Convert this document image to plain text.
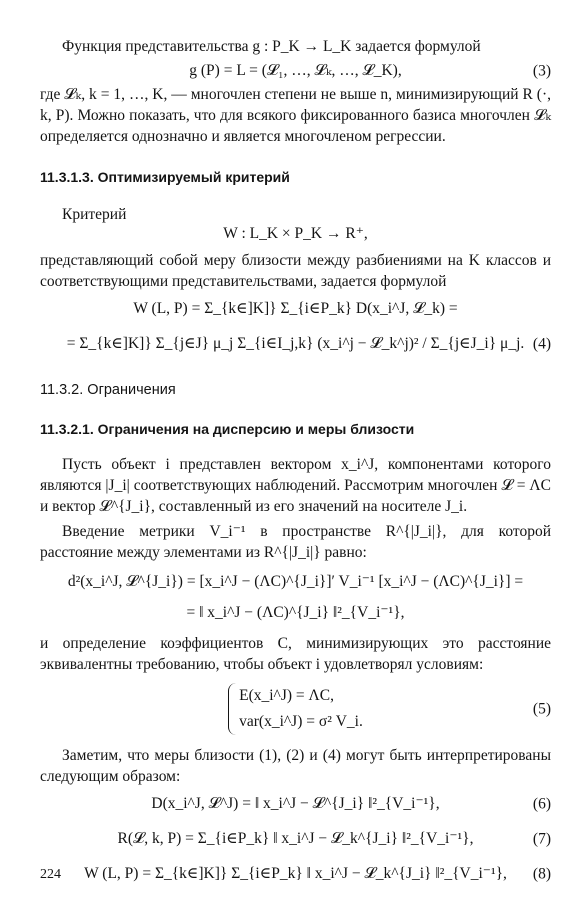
Функция представительства g : P_K → L_K задается формулой

g (P) = L = (𝓛₁, …, 𝓛ₖ, …, 𝓛_K),	(3)

где 𝓛ₖ, k = 1, …, K, — многочлен степени не выше n, минимизирующий R (·, k, P). Можно показать, что для всякого фиксированного базиса многочлен 𝓛ₖ определяется однозначно и является многочленом регрессии.

11.3.1.3. Оптимизируемый критерий

Критерий

W : L_K × P_K → R⁺,

представляющий собой меру близости между разбиениями на K классов и соответствующими представительствами, задается формулой

W (L, P) = Σ_{k∈]K]} Σ_{i∈P_k} D(x_i^J, 𝓛_k) =
= Σ_{k∈]K]} Σ_{j∈J} μ_j Σ_{i∈I_j,k} (x_i^j − 𝓛_k^j)² / Σ_{j∈J_i} μ_j. (4)
11.3.2. Ограничения
11.3.2.1. Ограничения на дисперсию и меры близости

Пусть объект i представлен вектором x_i^J, компонентами которого являются |J_i| соответствующих наблюдений. Рассмотрим многочлен 𝓛 = ΛC и вектор 𝓛^{J_i}, составленный из его значений на носителе J_i.

Введение метрики V_i⁻¹ в пространстве R^{|J_i|}, для которой расстояние между элементами из R^{|J_i|} равно:

d²(x_i^J, 𝓛^{J_i}) = [x_i^J − (ΛC)^{J_i}]′ V_i⁻¹ [x_i^J − (ΛC)^{J_i}] =
= ‖ x_i^J − (ΛC)^{J_i} ‖²_{V_i⁻¹},

и определение коэффициентов C, минимизирующих это расстояние эквивалентны требованию, чтобы объект i удовлетворял условиям:

E(x_i^J) = ΛC,
var(x_i^J) = σ² V_i.
(5)

Заметим, что меры близости (1), (2) и (4) могут быть интерпретированы следующим образом:

D(x_i^J, 𝓛^J) = ‖ x_i^J − 𝓛^{J_i} ‖²_{V_i⁻¹},	(6)
R(𝓛, k, P) = Σ_{i∈P_k} ‖ x_i^J − 𝓛_k^{J_i} ‖²_{V_i⁻¹},	(7)
W (L, P) = Σ_{k∈]K]} Σ_{i∈P_k} ‖ x_i^J − 𝓛_k^{J_i} ‖²_{V_i⁻¹}, (8)
224
